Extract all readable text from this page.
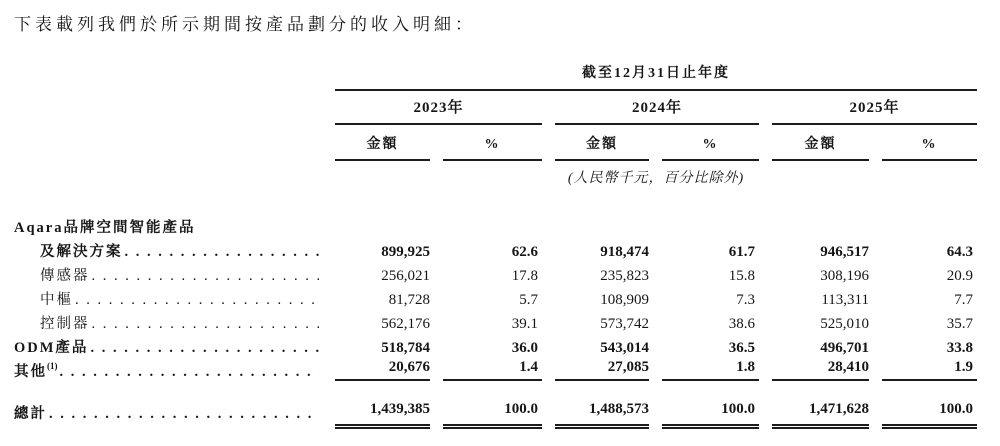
下表載列我們於所示期間按產品劃分的收入明細：

截至12月31日止年度
2023年	2024年	2025年
金額	%	金額	%	金額	%
(人民幣千元，百分比除外)
Aqara品牌空間智能產品
及解決方案 . . .	899,925	62.6	918,474	61.7	946,517	64.3
傳感器 . . .	256,021	17.8	235,823	15.8	308,196	20.9
中樞 . . .	81,728	5.7	108,909	7.3	113,311	7.7
控制器 . . .	562,176	39.1	573,742	38.6	525,010	35.7
ODM產品 . . .	518,784	36.0	543,014	36.5	496,701	33.8
其他$^{(1)}$ . . .	20,676	1.4	27,085	1.8	28,410	1.9
總計 . . .	1,439,385	100.0	1,488,573	100.0	1,471,628	100.0
